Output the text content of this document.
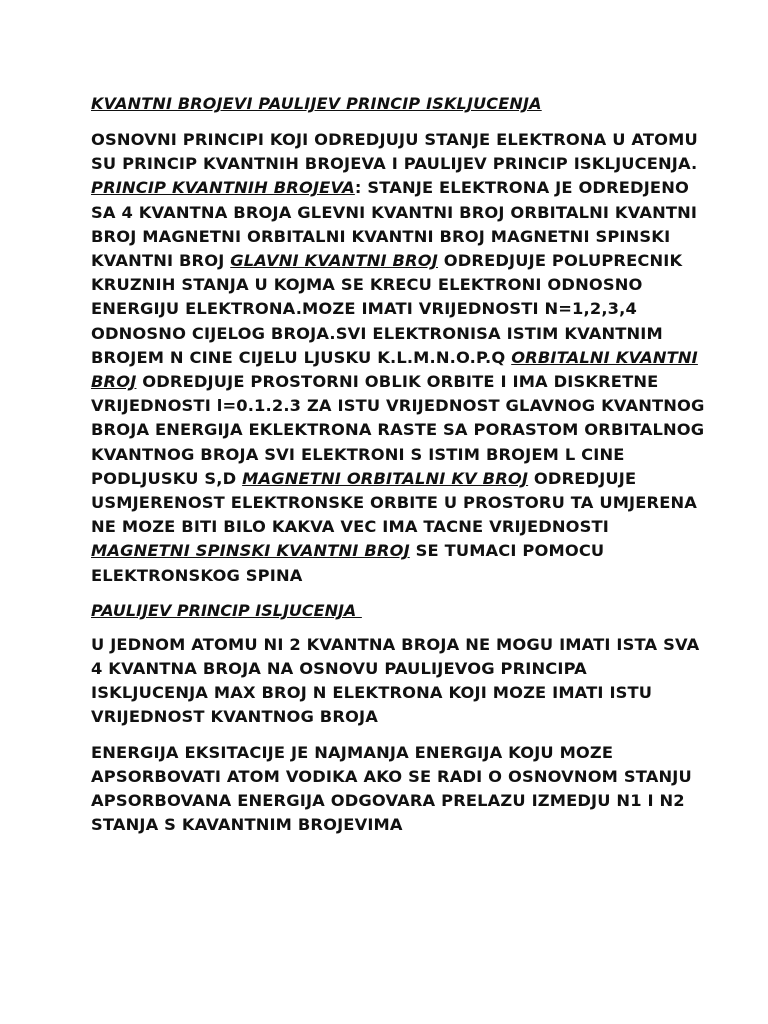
KVANTNI BROJEVI PAULIJEV PRINCIP ISKLJUCENJA

OSNOVNI PRINCIPI KOJI ODREDJUJU STANJE ELEKTRONA U ATOMU SU PRINCIP KVANTNIH BROJEVA I PAULIJEV PRINCIP ISKLJUCENJA. PRINCIP KVANTNIH BROJEVA: STANJE ELEKTRONA JE ODREDJENO SA 4 KVANTNA BROJA GLEVNI KVANTNI BROJ ORBITALNI KVANTNI BROJ MAGNETNI ORBITALNI KVANTNI BROJ MAGNETNI SPINSKI KVANTNI BROJ GLAVNI KVANTNI BROJ ODREDJUJE POLUPRECNIK KRUZNIH STANJA U KOJMA SE KRECU ELEKTRONI ODNOSNO ENERGIJU ELEKTRONA.MOZE IMATI VRIJEDNOSTI N=1,2,3,4 ODNOSNO CIJELOG BROJA.SVI ELEKTRONISA ISTIM KVANTNIM BROJEM N CINE CIJELU LJUSKU K.L.M.N.O.P.Q ORBITALNI KVANTNI BROJ ODREDJUJE PROSTORNI OBLIK ORBITE I IMA DISKRETNE VRIJEDNOSTI l=0.1.2.3 ZA ISTU VRIJEDNOST GLAVNOG KVANTNOG BROJA ENERGIJA EKLEKTRONA RASTE SA PORASTOM ORBITALNOG KVANTNOG BROJA SVI ELEKTRONI S ISTIM BROJEM L CINE PODLJUSKU S,D MAGNETNI ORBITALNI KV BROJ ODREDJUJE USMJERENOST ELEKTRONSKE ORBITE U PROSTORU TA UMJERENA NE MOZE BITI BILO KAKVA VEC IMA TACNE VRIJEDNOSTI MAGNETNI SPINSKI KVANTNI BROJ SE TUMACI POMOCU ELEKTRONSKOG SPINA

PAULIJEV PRINCIP ISLJUCENJA

U JEDNOM ATOMU NI 2 KVANTNA BROJA NE MOGU IMATI ISTA SVA 4 KVANTNA BROJA NA OSNOVU PAULIJEVOG PRINCIPA ISKLJUCENJA MAX BROJ N ELEKTRONA KOJI MOZE IMATI ISTU VRIJEDNOST KVANTNOG BROJA

ENERGIJA EKSITACIJE JE NAJMANJA ENERGIJA KOJU MOZE APSORBOVATI ATOM VODIKA AKO SE RADI O OSNOVNOM STANJU APSORBOVANA ENERGIJA ODGOVARA PRELAZU IZMEDJU N1 I N2 STANJA S KAVANTNIM BROJEVIMA
